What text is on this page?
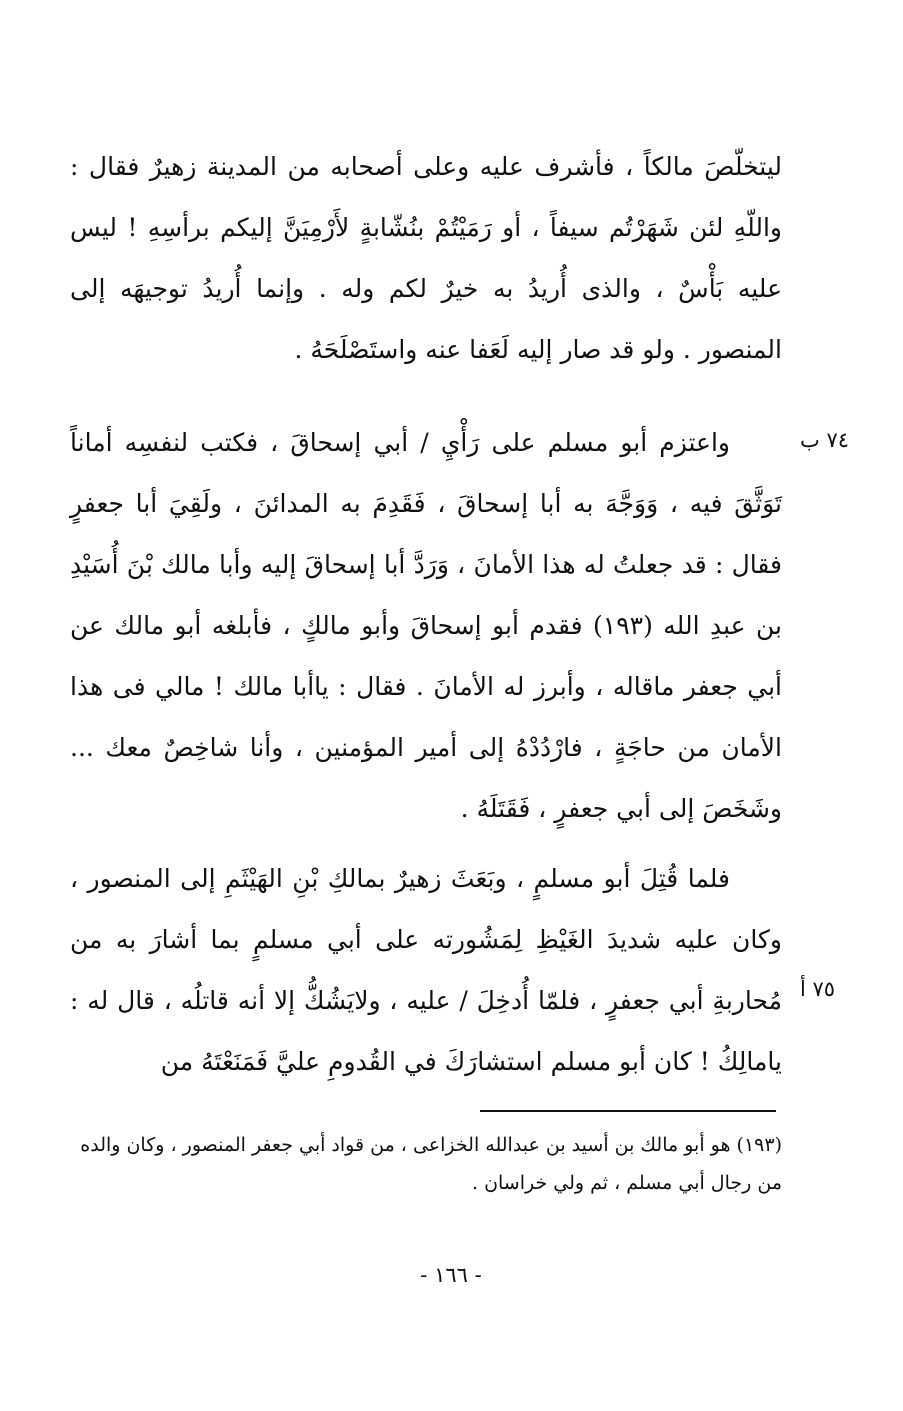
ليتخلّصَ مالكاً ، فأشرف عليه وعلى أصحابه من المدينة زهيرٌ فقال : واللّهِ لئن شَهَرْتُم سيفاً ، أو رَمَيْتُمْ بنُشّابةٍ لأَرْمِيَنَّ إليكم برأسِهِ ! ليس عليه بَأْسٌ ، والذى أُريدُ به خيرٌ لكم وله . وإنما أُريدُ توجيهَه إلى المنصور . ولو قد صار إليه لَعَفا عنه واستَصْلَحَهُ .

٧٤ ب

واعتزم أبو مسلم على رَأْيِ / أبي إسحاقَ ، فكتب لنفسِه أماناً تَوَثَّقَ فيه ، وَوَجَّهَ به أبا إسحاقَ ، فَقَدِمَ به المدائنَ ، ولَقِيَ أبا جعفرٍ فقال : قد جعلتُ له هذا الأمانَ ، وَرَدَّ أبا إسحاقَ إليه وأبا مالك بْنَ أُسَيْدِ بن عبدِ الله (١٩٣) فقدم أبو إسحاقَ وأبو مالكٍ ، فأبلغه أبو مالك عن أبي جعفر ماقاله ، وأبرز له الأمانَ . فقال : ياأبا مالك ! مالي فى هذا الأمان من حاجَةٍ ، فارْدُدْهُ إلى أمير المؤمنين ، وأنا شاخِصٌ معك ... وشَخَصَ إلى أبي جعفرٍ ، فَقَتَلَهُ .

٧٥ أ

فلما قُتِلَ أبو مسلمٍ ، وبَعَثَ زهيرٌ بمالكِ بْنِ الهَيْثَمِ إلى المنصور ، وكان عليه شديدَ الغَيْظِ لِمَشُورته على أبي مسلمٍ بما أشارَ به من مُحاربةِ أبي جعفرٍ ، فلمّا أُدخِلَ / عليه ، ولايَشُكُّ إلا أنه قاتلُه ، قال له : يامالِكُ ! كان أبو مسلم استشارَكَ في القُدومِ عليَّ فَمَنَعْتَهُ من

(١٩٣) هو أبو مالك بن أسيد بن عبدالله الخزاعى ، من قواد أبي جعفر المنصور ، وكان والده من رجال أبي مسلم ، ثم ولي خراسان .

- ١٦٦ -
